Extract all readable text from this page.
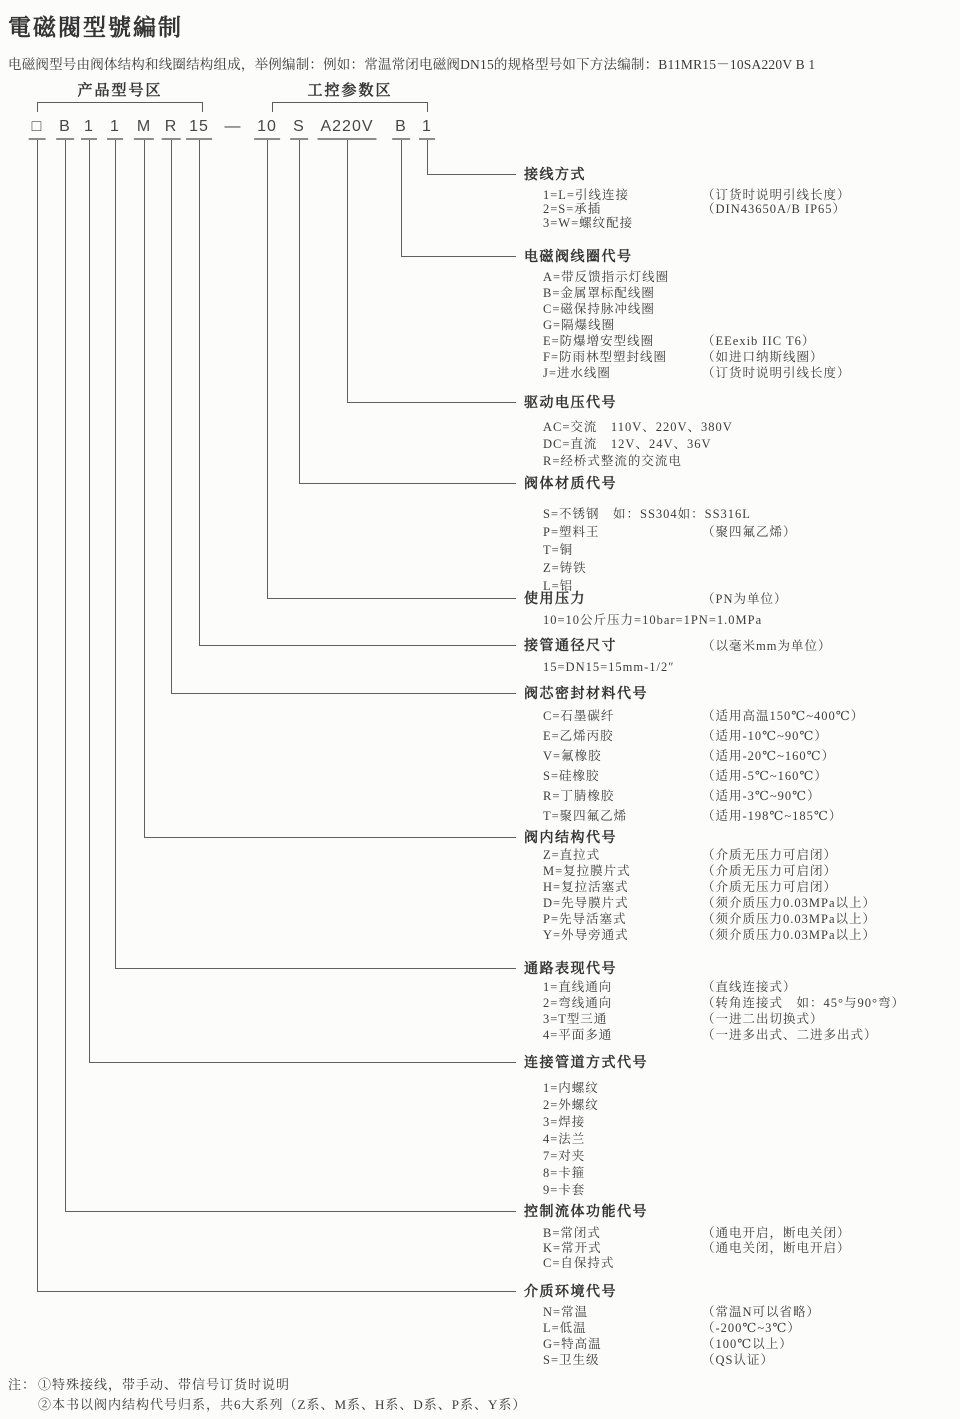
電磁閥型號編制
电磁阀型号由阀体结构和线圈结构组成，举例编制：例如：常温常闭电磁阀DN15的规格型号如下方法编制：B11MR15－10SA220V B 1
产品型号区	工控参数区
□ B 1 1 M R 15 — 10 S A220V B 1
接线方式
1=L=引线连接	（订货时说明引线长度）
2=S=承插	（DIN43650A/B IP65）
3=W=螺纹配接
电磁阀线圈代号
A=带反馈指示灯线圈
B=金属罩标配线圈
C=磁保持脉冲线圈
G=隔爆线圈
E=防爆增安型线圈	（EEexib IIC T6）
F=防雨林型塑封线圈	（如进口纳斯线圈）
J=进水线圈	（订货时说明引线长度）
驱动电压代号
AC=交流　110V、220V、380V
DC=直流　12V、24V、36V
R=经桥式整流的交流电
阀体材质代号
S=不锈钢　如：SS304如：SS316L
P=塑料王	（聚四氟乙烯）
T=铜
Z=铸铁
L=铝
使用压力	（PN为单位）
10=10公斤压力=10bar=1PN=1.0MPa
接管通径尺寸	（以毫米mm为单位）
15=DN15=15mm-1/2″
阀芯密封材料代号
C=石墨碳纤	（适用高温150℃~400℃）
E=乙烯丙胶	（适用-10℃~90℃）
V=氟橡胶	（适用-20℃~160℃）
S=硅橡胶	（适用-5℃~160℃）
R=丁腈橡胶	（适用-3℃~90℃）
T=聚四氟乙烯	（适用-198℃~185℃）
阀内结构代号
Z=直拉式	（介质无压力可启闭）
M=复拉膜片式	（介质无压力可启闭）
H=复拉活塞式	（介质无压力可启闭）
D=先导膜片式	（须介质压力0.03MPa以上）
P=先导活塞式	（须介质压力0.03MPa以上）
Y=外导旁通式	（须介质压力0.03MPa以上）
通路表现代号
1=直线通向	（直线连接式）
2=弯线通向	（转角连接式　如：45°与90°弯）
3=T型三通	（一进二出切换式）
4=平面多通	（一进多出式、二进多出式）
连接管道方式代号
1=内螺纹
2=外螺纹
3=焊接
4=法兰
7=对夹
8=卡箍
9=卡套
控制流体功能代号
B=常闭式	（通电开启，断电关闭）
K=常开式	（通电关闭，断电开启）
C=自保持式
介质环境代号
N=常温	（常温N可以省略）
L=低温	（-200℃~3℃）
G=特高温	（100℃以上）
S=卫生级	（QS认证）
注： ①特殊接线，带手动、带信号订货时说明
②本书以阀内结构代号归系，共6大系列（Z系、M系、H系、D系、P系、Y系）
